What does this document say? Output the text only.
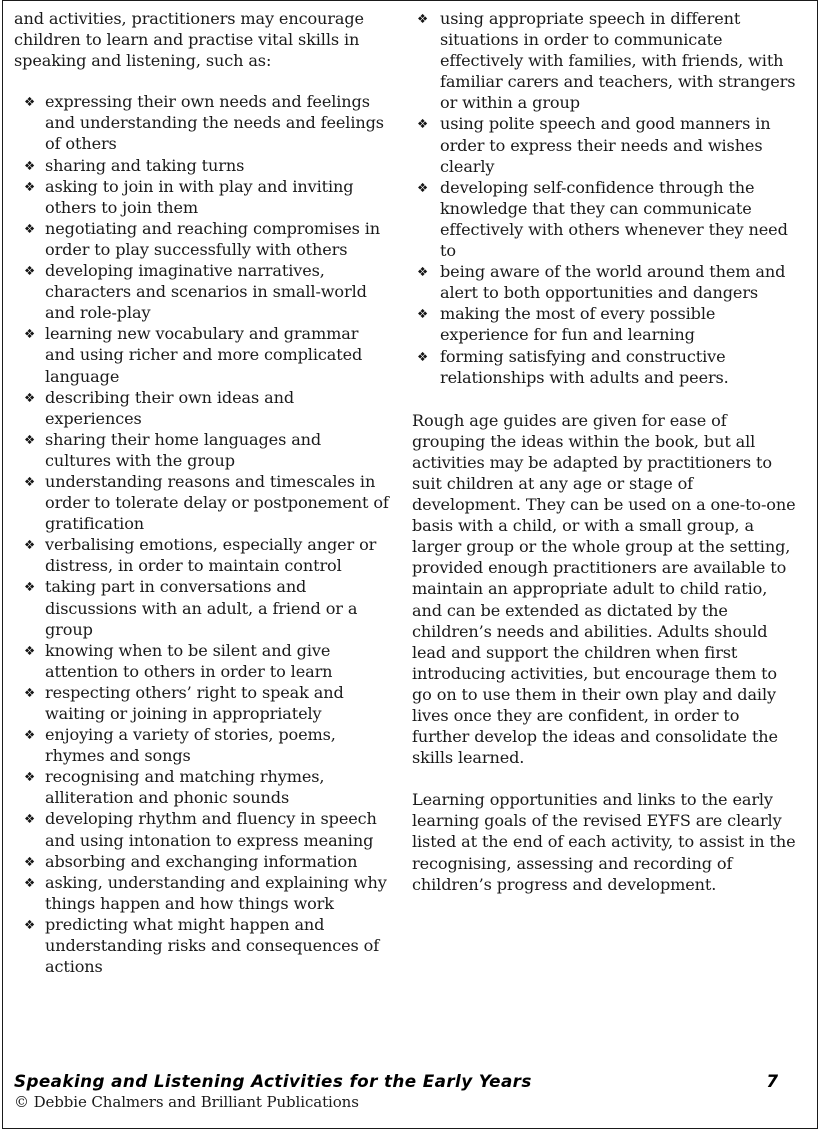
and activities, practitioners may encourage children to learn and practise vital skills in speaking and listening, such as:

❖ expressing their own needs and feelings and understanding the needs and feelings of others
❖ sharing and taking turns
❖ asking to join in with play and inviting others to join them
❖ negotiating and reaching compromises in order to play successfully with others
❖ developing imaginative narratives, characters and scenarios in small-world and role-play
❖ learning new vocabulary and grammar and using richer and more complicated language
❖ describing their own ideas and experiences
❖ sharing their home languages and cultures with the group
❖ understanding reasons and timescales in order to tolerate delay or postponement of gratification
❖ verbalising emotions, especially anger or distress, in order to maintain control
❖ taking part in conversations and discussions with an adult, a friend or a group
❖ knowing when to be silent and give attention to others in order to learn
❖ respecting others’ right to speak and waiting or joining in appropriately
❖ enjoying a variety of stories, poems, rhymes and songs
❖ recognising and matching rhymes, alliteration and phonic sounds
❖ developing rhythm and fluency in speech and using intonation to express meaning
❖ absorbing and exchanging information
❖ asking, understanding and explaining why things happen and how things work
❖ predicting what might happen and understanding risks and consequences of actions
❖ using appropriate speech in different situations in order to communicate effectively with families, with friends, with familiar carers and teachers, with strangers or within a group
❖ using polite speech and good manners in order to express their needs and wishes clearly
❖ developing self-confidence through the knowledge that they can communicate effectively with others whenever they need to
❖ being aware of the world around them and alert to both opportunities and dangers
❖ making the most of every possible experience for fun and learning
❖ forming satisfying and constructive relationships with adults and peers.

Rough age guides are given for ease of grouping the ideas within the book, but all activities may be adapted by practitioners to suit children at any age or stage of development. They can be used on a one-to-one basis with a child, or with a small group, a larger group or the whole group at the setting, provided enough practitioners are available to maintain an appropriate adult to child ratio, and can be extended as dictated by the children’s needs and abilities. Adults should lead and support the children when first introducing activities, but encourage them to go on to use them in their own play and daily lives once they are confident, in order to further develop the ideas and consolidate the skills learned.

Learning opportunities and links to the early learning goals of the revised EYFS are clearly listed at the end of each activity, to assist in the recognising, assessing and recording of children’s progress and development.

Speaking and Listening Activities for the Early Years	7
© Debbie Chalmers and Brilliant Publications
